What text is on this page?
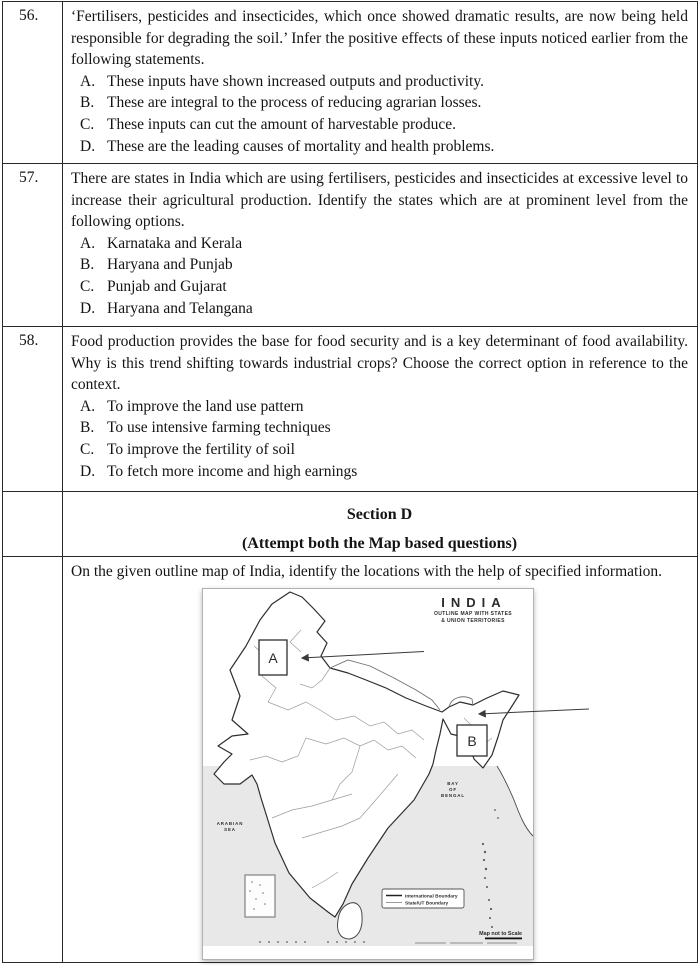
56.	‘Fertilisers, pesticides and insecticides, which once showed dramatic results, are now being held responsible for degrading the soil.’ Infer the positive effects of these inputs noticed earlier from the following statements.

A. These inputs have shown increased outputs and productivity.
B. These are integral to the process of reducing agrarian losses.
C. These inputs can cut the amount of harvestable produce.
D. These are the leading causes of mortality and health problems.

57.	There are states in India which are using fertilisers, pesticides and insecticides at excessive level to increase their agricultural production. Identify the states which are at prominent level from the following options.

A. Karnataka and Kerala
B. Haryana and Punjab
C. Punjab and Gujarat
D. Haryana and Telangana

58.	Food production provides the base for food security and is a key determinant of food availability. Why is this trend shifting towards industrial crops? Choose the correct option in reference to the context.

A. To improve the land use pattern
B. To use intensive farming techniques
C. To improve the fertility of soil
D. To fetch more income and high earnings

	Section D

(Attempt both the Map based questions)

On the given outline map of India, identify the locations with the help of specified information.

INDIA
OUTLINE MAP WITH STATES
& UNION TERRITORIES
ARABIAN
SEA
BAY
OF
BENGAL
International Boundary
State/UT Boundary
Map not to Scale
A
B
